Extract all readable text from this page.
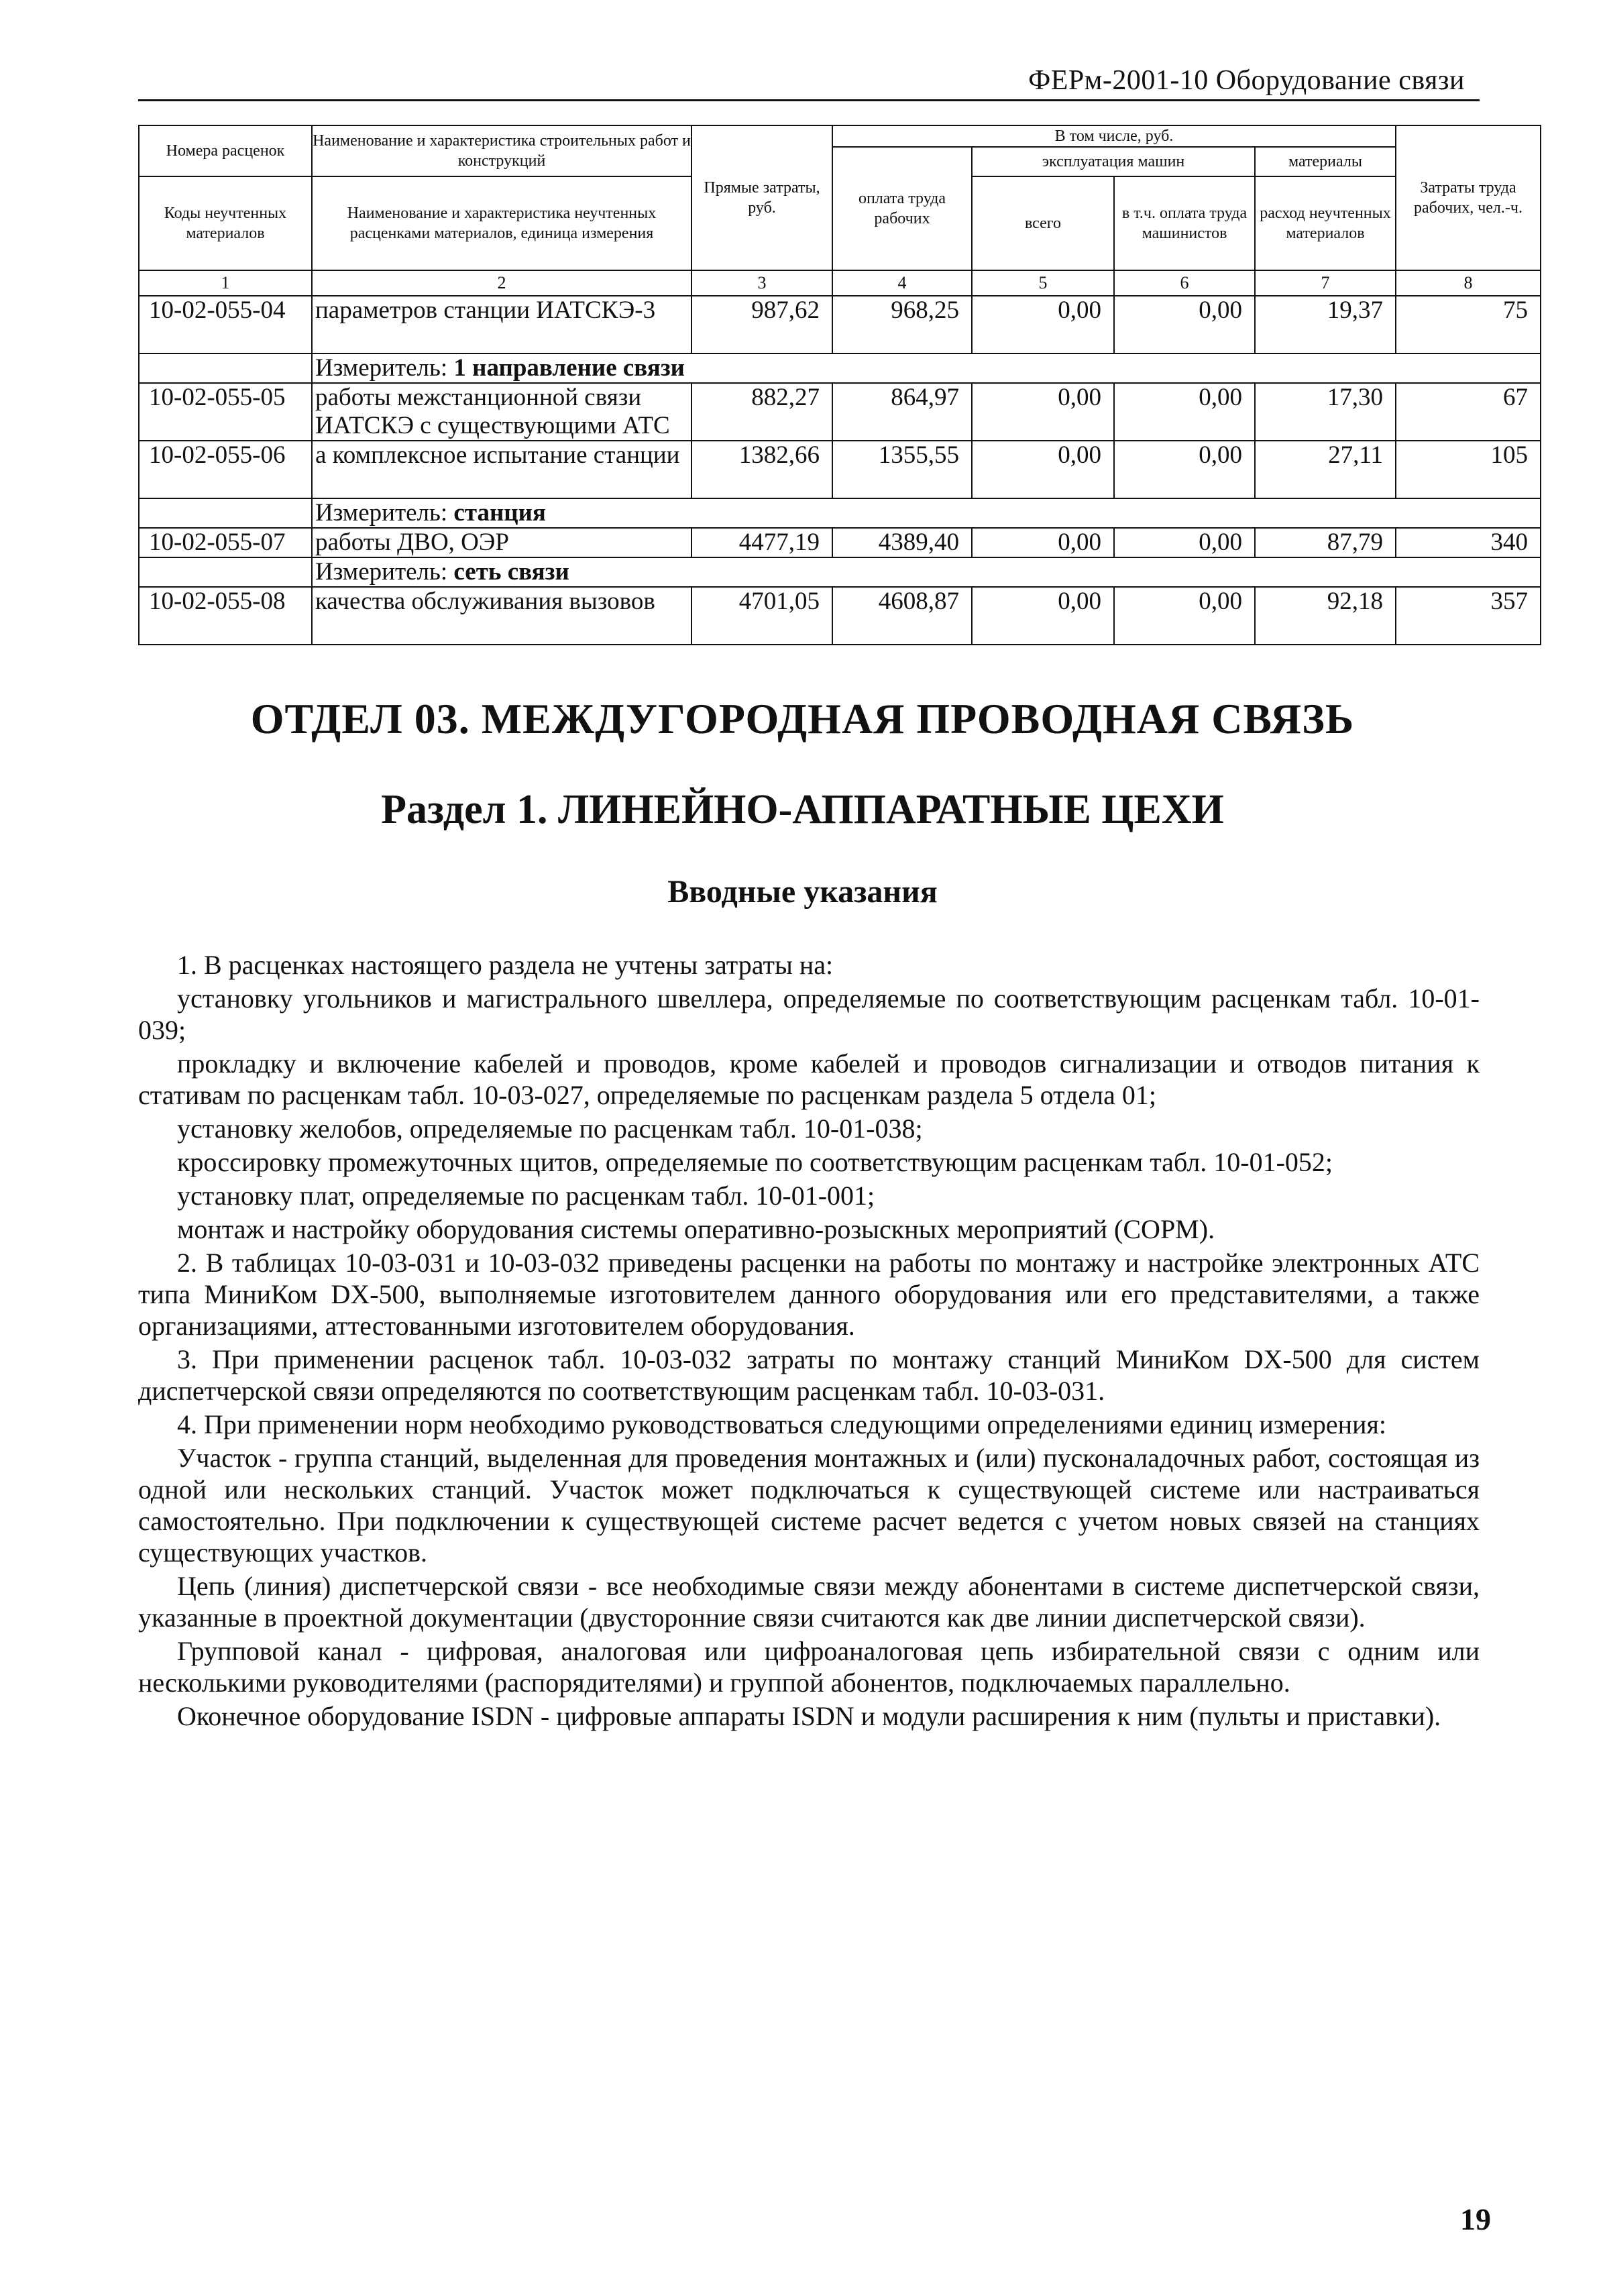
ФЕРм-2001-10 Оборудование связи
Номера расценок	Наименование и характеристика строительных работ и конструкций	Прямые затраты, руб.	В том числе, руб.				Затраты труда рабочих, чел.-ч.
			оплата труда рабочих	эксплуатация машин		материалы	
Коды неучтенных материалов	Наименование и характеристика неучтенных расценками материалов, единица измерения			всего	в т.ч. оплата труда машинистов	расход неучтенных материалов	
1	2	3	4	5	6	7	8
10-02-055-04	параметров станции ИАТСКЭ-3	987,62	968,25	0,00	0,00	19,37	75
	Измеритель: 1 направление связи						
10-02-055-05	работы межстанционной связи ИАТСКЭ с существующими АТС	882,27	864,97	0,00	0,00	17,30	67
10-02-055-06	а комплексное испытание станции	1382,66	1355,55	0,00	0,00	27,11	105
	Измеритель: станция						
10-02-055-07	работы ДВО, ОЭР	4477,19	4389,40	0,00	0,00	87,79	340
	Измеритель: сеть связи						
10-02-055-08	качества обслуживания вызовов	4701,05	4608,87	0,00	0,00	92,18	357
ОТДЕЛ 03. МЕЖДУГОРОДНАЯ ПРОВОДНАЯ СВЯЗЬ
Раздел 1. ЛИНЕЙНО-АППАРАТНЫЕ ЦЕХИ
Вводные указания

1. В расценках настоящего раздела не учтены затраты на:

установку угольников и магистрального швеллера, определяемые по соответствующим расценкам табл. 10-01-039;

прокладку и включение кабелей и проводов, кроме кабелей и проводов сигнализации и отводов питания к стативам по расценкам табл. 10-03-027, определяемые по расценкам раздела 5 отдела 01;

установку желобов, определяемые по расценкам табл. 10-01-038;

кроссировку промежуточных щитов, определяемые по соответствующим расценкам табл. 10-01-052;

установку плат, определяемые по расценкам табл. 10-01-001;

монтаж и настройку оборудования системы оперативно-розыскных мероприятий (СОРМ).

2. В таблицах 10-03-031 и 10-03-032 приведены расценки на работы по монтажу и настройке электронных АТС типа МиниКом DX-500, выполняемые изготовителем данного оборудования или его представителями, а также организациями, аттестованными изготовителем оборудования.

3. При применении расценок табл. 10-03-032 затраты по монтажу станций МиниКом DX-500 для систем диспетчерской связи определяются по соответствующим расценкам табл. 10-03-031.

4. При применении норм необходимо руководствоваться следующими определениями единиц измерения:

Участок - группа станций, выделенная для проведения монтажных и (или) пусконаладочных работ, состоящая из одной или нескольких станций. Участок может подключаться к существующей системе или настраиваться самостоятельно. При подключении к существующей системе расчет ведется с учетом новых связей на станциях существующих участков.

Цепь (линия) диспетчерской связи - все необходимые связи между абонентами в системе диспетчерской связи, указанные в проектной документации (двусторонние связи считаются как две линии диспетчерской связи).

Групповой канал - цифровая, аналоговая или цифроаналоговая цепь избирательной связи с одним или несколькими руководителями (распорядителями) и группой абонентов, подключаемых параллельно.

Оконечное оборудование ISDN - цифровые аппараты ISDN и модули расширения к ним (пульты и приставки).

19
